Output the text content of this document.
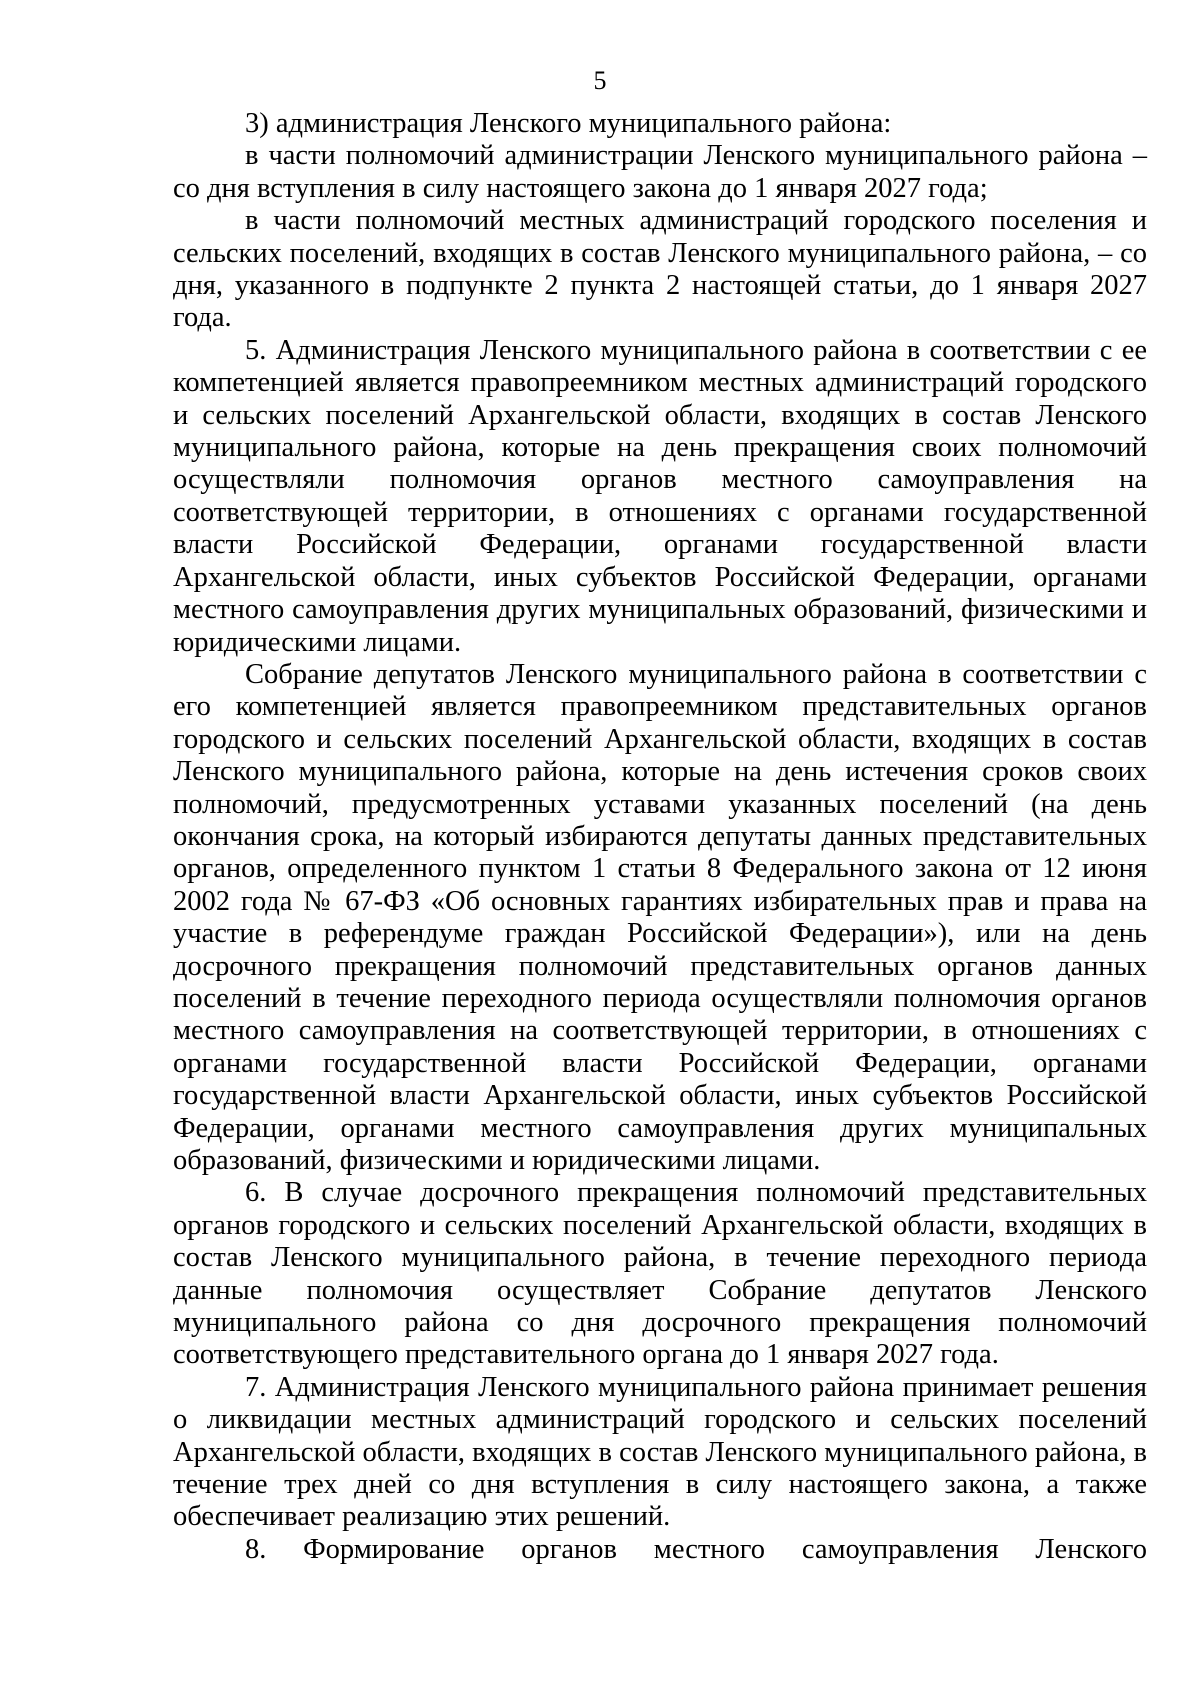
5

3) администрация Ленского муниципального района:

в части полномочий администрации Ленского муниципального района – со дня вступления в силу настоящего закона до 1 января 2027 года;

в части полномочий местных администраций городского поселения и сельских поселений, входящих в состав Ленского муниципального района, – со дня, указанного в подпункте 2 пункта 2 настоящей статьи, до 1 января 2027 года.

5. Администрация Ленского муниципального района в соответствии с ее компетенцией является правопреемником местных администраций городского и сельских поселений Архангельской области, входящих в состав Ленского муниципального района, которые на день прекращения своих полномочий осуществляли полномочия органов местного самоуправления на соответствующей территории, в отношениях с органами государственной власти Российской Федерации, органами государственной власти Архангельской области, иных субъектов Российской Федерации, органами местного самоуправления других муниципальных образований, физическими и юридическими лицами.

Собрание депутатов Ленского муниципального района в соответствии с его компетенцией является правопреемником представительных органов городского и сельских поселений Архангельской области, входящих в состав Ленского муниципального района, которые на день истечения сроков своих полномочий, предусмотренных уставами указанных поселений (на день окончания срока, на который избираются депутаты данных представительных органов, определенного пунктом 1 статьи 8 Федерального закона от 12 июня 2002 года № 67-ФЗ «Об основных гарантиях избирательных прав и права на участие в референдуме граждан Российской Федерации»), или на день досрочного прекращения полномочий представительных органов данных поселений в течение переходного периода осуществляли полномочия органов местного самоуправления на соответствующей территории, в отношениях с органами государственной власти Российской Федерации, органами государственной власти Архангельской области, иных субъектов Российской Федерации, органами местного самоуправления других муниципальных образований, физическими и юридическими лицами.

6. В случае досрочного прекращения полномочий представительных органов городского и сельских поселений Архангельской области, входящих в состав Ленского муниципального района, в течение переходного периода данные полномочия осуществляет Собрание депутатов Ленского муниципального района со дня досрочного прекращения полномочий соответствующего представительного органа до 1 января 2027 года.

7. Администрация Ленского муниципального района принимает решения о ликвидации местных администраций городского и сельских поселений Архангельской области, входящих в состав Ленского муниципального района, в течение трех дней со дня вступления в силу настоящего закона, а также обеспечивает реализацию этих решений.

8. Формирование органов местного самоуправления Ленского
